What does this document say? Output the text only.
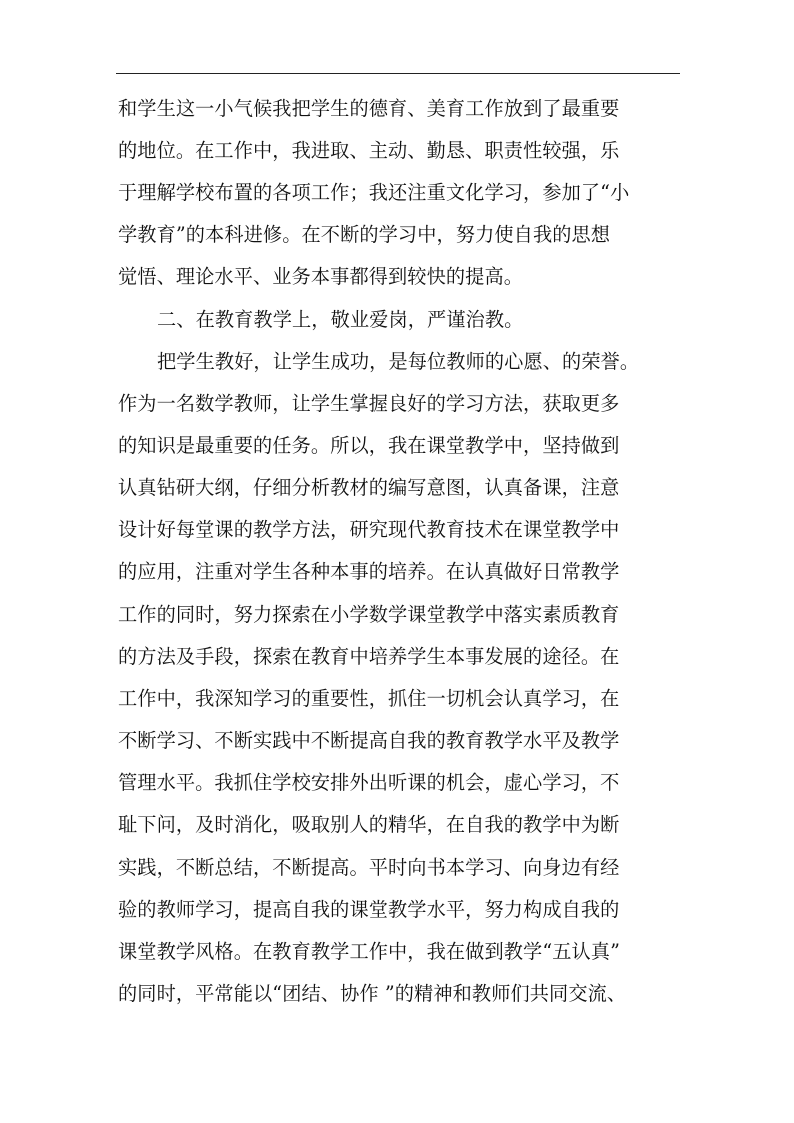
和学生这一小气候我把学生的德育、美育工作放到了最重要
的地位。在工作中，我进取、主动、勤恳、职责性较强，乐
于理解学校布置的各项工作；我还注重文化学习，参加了“小
学教育”的本科进修。在不断的学习中，努力使自我的思想
觉悟、理论水平、业务本事都得到较快的提高。
二、在教育教学上，敬业爱岗，严谨治教。
把学生教好，让学生成功，是每位教师的心愿、的荣誉。
作为一名数学教师，让学生掌握良好的学习方法，获取更多
的知识是最重要的任务。所以，我在课堂教学中，坚持做到
认真钻研大纲，仔细分析教材的编写意图，认真备课，注意
设计好每堂课的教学方法，研究现代教育技术在课堂教学中
的应用，注重对学生各种本事的培养。在认真做好日常教学
工作的同时，努力探索在小学数学课堂教学中落实素质教育
的方法及手段，探索在教育中培养学生本事发展的途径。在
工作中，我深知学习的重要性，抓住一切机会认真学习，在
不断学习、不断实践中不断提高自我的教育教学水平及教学
管理水平。我抓住学校安排外出听课的机会，虚心学习，不
耻下问，及时消化，吸取别人的精华，在自我的教学中为断
实践，不断总结，不断提高。平时向书本学习、向身边有经
验的教师学习，提高自我的课堂教学水平，努力构成自我的
课堂教学风格。在教育教学工作中，我在做到教学“五认真”
的同时，平常能以“团结、协作 ”的精神和教师们共同交流、
